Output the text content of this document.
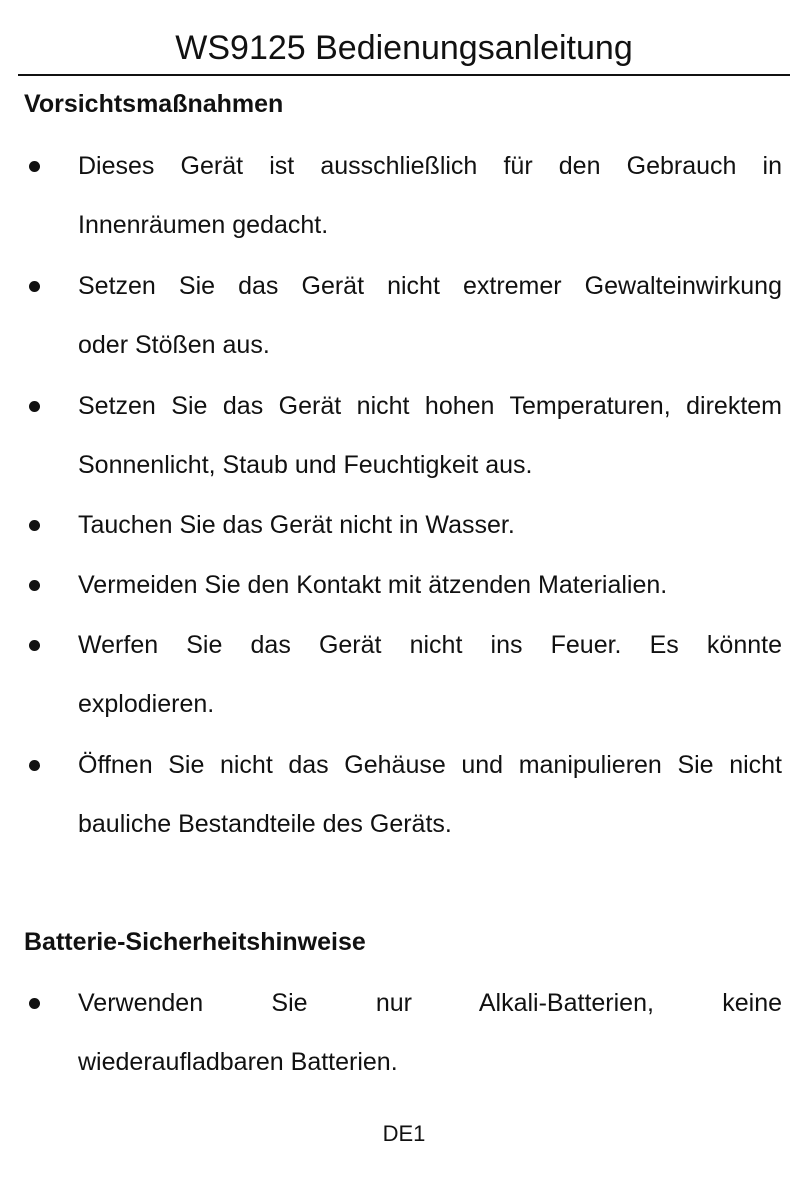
WS9125 Bedienungsanleitung
Vorsichtsmaßnahmen
Dieses Gerät ist ausschließlich für den Gebrauch in
Innenräumen gedacht.
Setzen Sie das Gerät nicht extremer Gewalteinwirkung
oder Stößen aus.
Setzen Sie das Gerät nicht hohen Temperaturen, direktem
Sonnenlicht, Staub und Feuchtigkeit aus.
Tauchen Sie das Gerät nicht in Wasser.
Vermeiden Sie den Kontakt mit ätzenden Materialien.
Werfen Sie das Gerät nicht ins Feuer. Es könnte
explodieren.
Öffnen Sie nicht das Gehäuse und manipulieren Sie nicht
bauliche Bestandteile des Geräts.
Batterie-Sicherheitshinweise
Verwenden Sie nur Alkali-Batterien, keine
wiederaufladbaren Batterien.
DE1
